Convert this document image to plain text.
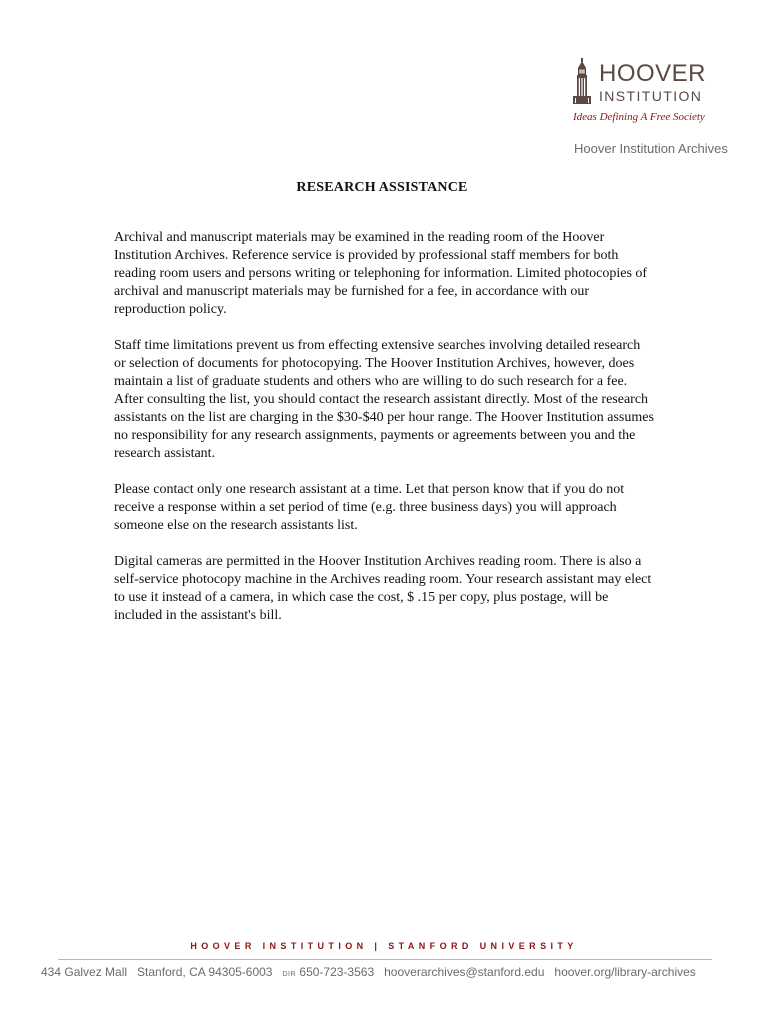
HOOVER
INSTITUTION
Ideas Defining A Free Society
Hoover Institution Archives
RESEARCH ASSISTANCE

Archival and manuscript materials may be examined in the reading room of the Hoover Institution Archives. Reference service is provided by professional staff members for both reading room users and persons writing or telephoning for information. Limited photocopies of archival and manuscript materials may be furnished for a fee, in accordance with our reproduction policy.

Staff time limitations prevent us from effecting extensive searches involving detailed research or selection of documents for photocopying. The Hoover Institution Archives, however, does maintain a list of graduate students and others who are willing to do such research for a fee. After consulting the list, you should contact the research assistant directly. Most of the research assistants on the list are charging in the $30-$40 per hour range. The Hoover Institution assumes no responsibility for any research assignments, payments or agreements between you and the research assistant.

Please contact only one research assistant at a time. Let that person know that if you do not receive a response within a set period of time (e.g. three business days) you will approach someone else on the research assistants list.

Digital cameras are permitted in the Hoover Institution Archives reading room. There is also a self-service photocopy machine in the Archives reading room. Your research assistant may elect to use it instead of a camera, in which case the cost, $ .15 per copy, plus postage, will be included in the assistant's bill.

HOOVER INSTITUTION | STANFORD UNIVERSITY
434 Galvez Mall Stanford, CA 94305-6003 DIR 650-723-3563 hooverarchives@stanford.edu hoover.org/library-archives
